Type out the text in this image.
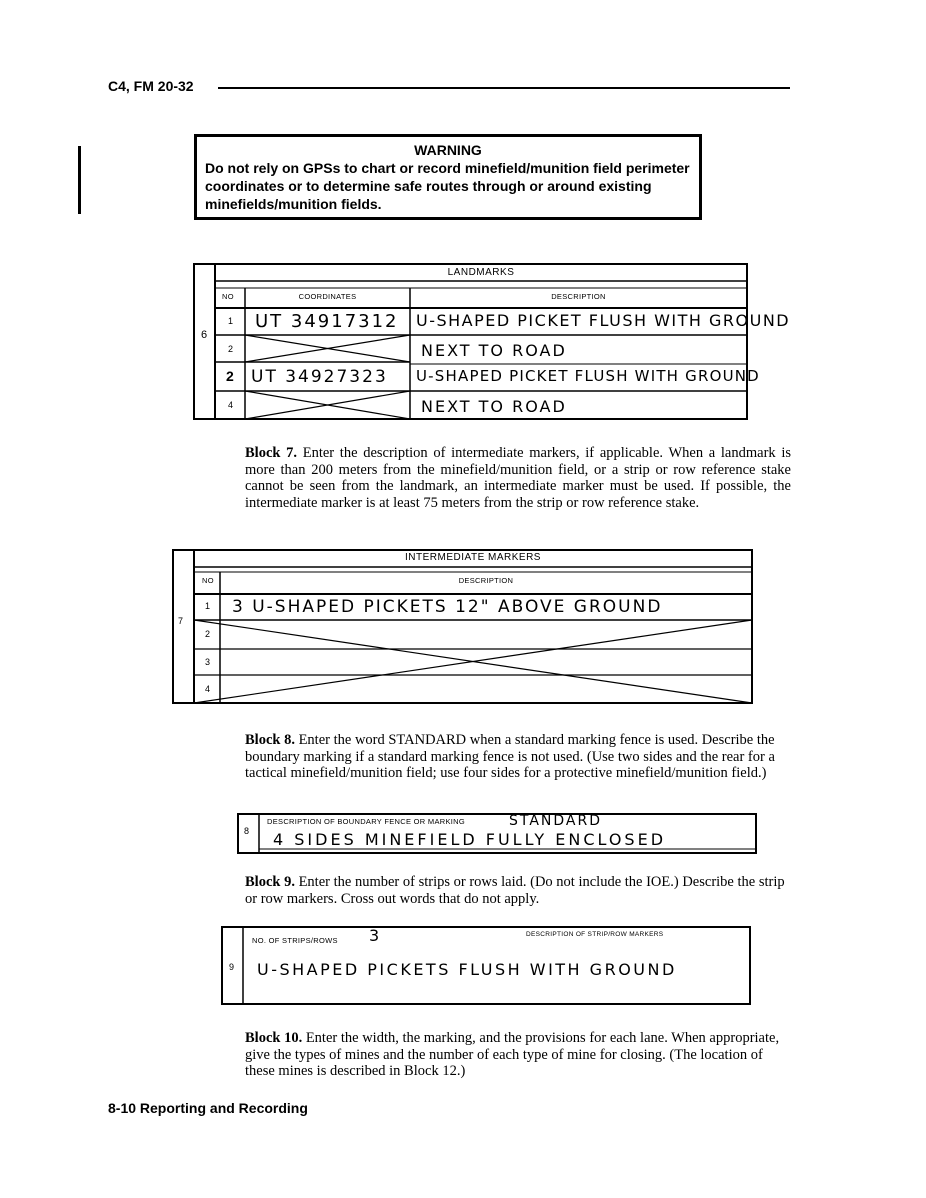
C4, FM 20-32
WARNING
Do not rely on GPSs to chart or record minefield/munition field perimeter coordinates or to determine safe routes through or around existing minefields/munition fields.
6
LANDMARKS
NO	COORDINATES	DESCRIPTION
1 UT 34917312 U-SHAPED PICKET FLUSH WITH GROUND
2	NEXT TO ROAD
2 UT 34927323 U-SHAPED PICKET FLUSH WITH GROUND
4	NEXT TO ROAD
Block 7. Enter the description of intermediate markers, if applicable. When a landmark is more than 200 meters from the minefield/munition field, or a strip or row reference stake cannot be seen from the landmark, an intermediate marker must be used. If possible, the intermediate marker is at least 75 meters from the strip or row reference stake.
7
INTERMEDIATE MARKERS
NO	DESCRIPTION
1 3 U-SHAPED PICKETS 12" ABOVE GROUND
2
3
4
Block 8. Enter the word STANDARD when a standard marking fence is used. Describe the boundary marking if a standard marking fence is not used. (Use two sides and the rear for a tactical minefield/munition field; use four sides for a protective minefield/munition field.)
8
DESCRIPTION OF BOUNDARY FENCE OR MARKING	STANDARD
4 SIDES MINEFIELD FULLY ENCLOSED
Block 9. Enter the number of strips or rows laid. (Do not include the IOE.) Describe the strip or row markers. Cross out words that do not apply.
9
NO. OF STRIPS/ROWS 3	DESCRIPTION OF STRIP/ROW MARKERS
U-SHAPED PICKETS FLUSH WITH GROUND
Block 10. Enter the width, the marking, and the provisions for each lane. When appropriate, give the types of mines and the number of each type of mine for closing. (The location of these mines is described in Block 12.)
8-10 Reporting and Recording
